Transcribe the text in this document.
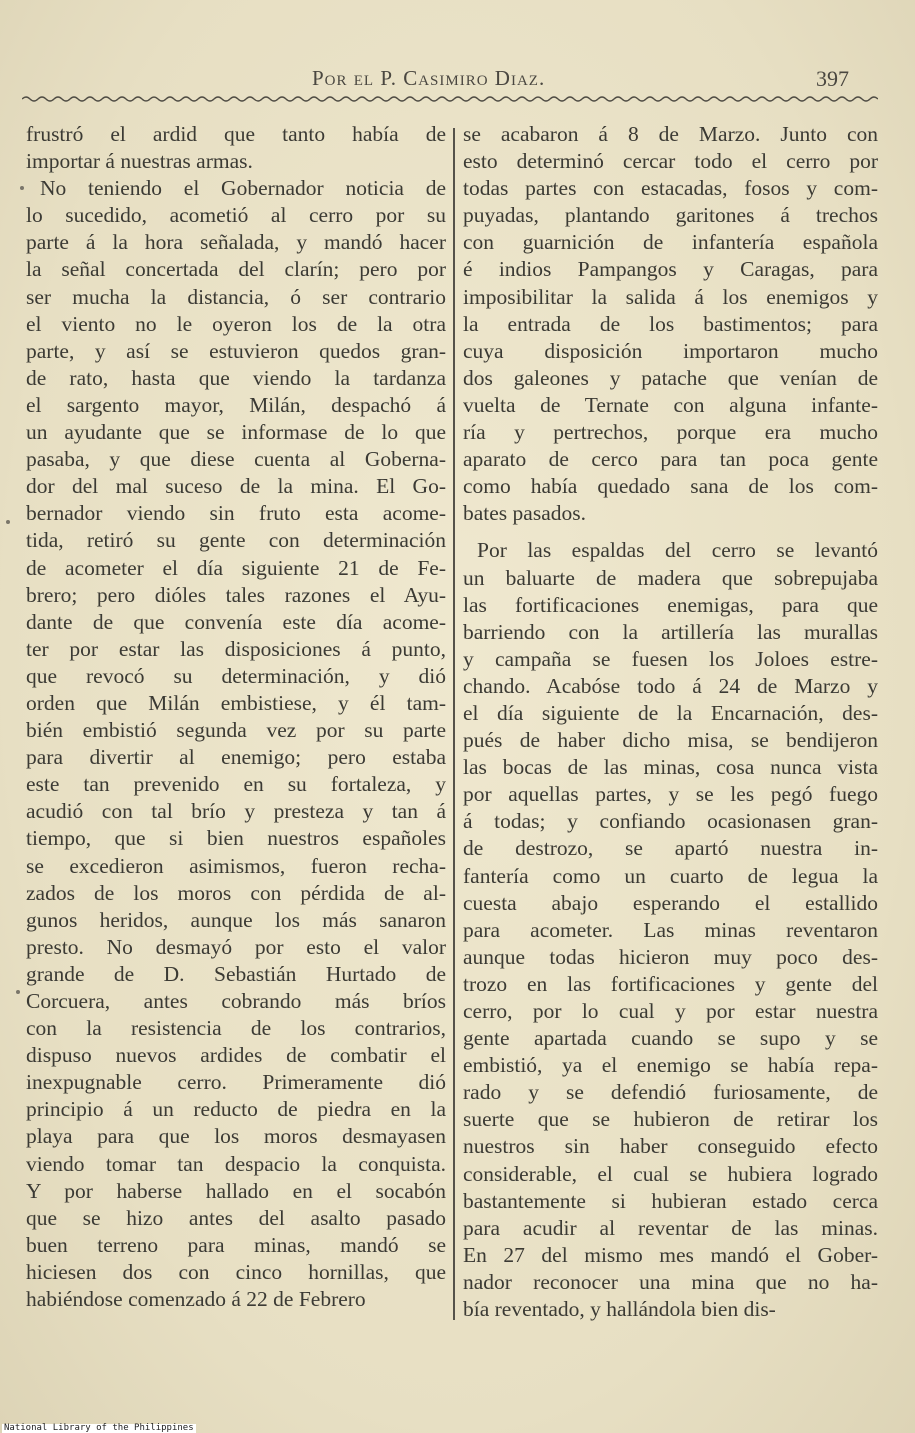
Por el P. Casimiro Diaz.	397
frustró el ardid que tanto había de
importar á nuestras armas.
No teniendo el Gobernador noticia de
lo sucedido, acometió al cerro por su
parte á la hora señalada, y mandó hacer
la señal concertada del clarín; pero por
ser mucha la distancia, ó ser contrario
el viento no le oyeron los de la otra
parte, y así se estuvieron quedos gran-
de rato, hasta que viendo la tardanza
el sargento mayor, Milán, despachó á
un ayudante que se informase de lo que
pasaba, y que diese cuenta al Goberna-
dor del mal suceso de la mina. El Go-
bernador viendo sin fruto esta acome-
tida, retiró su gente con determinación
de acometer el día siguiente 21 de Fe-
brero; pero dióles tales razones el Ayu-
dante de que convenía este día acome-
ter por estar las disposiciones á punto,
que revocó su determinación, y dió
orden que Milán embistiese, y él tam-
bién embistió segunda vez por su parte
para divertir al enemigo; pero estaba
este tan prevenido en su fortaleza, y
acudió con tal brío y presteza y tan á
tiempo, que si bien nuestros españoles
se excedieron asimismos, fueron recha-
zados de los moros con pérdida de al-
gunos heridos, aunque los más sanaron
presto. No desmayó por esto el valor
grande de D. Sebastián Hurtado de
Corcuera, antes cobrando más bríos
con la resistencia de los contrarios,
dispuso nuevos ardides de combatir el
inexpugnable cerro. Primeramente dió
principio á un reducto de piedra en la
playa para que los moros desmayasen
viendo tomar tan despacio la conquista.
Y por haberse hallado en el socabón
que se hizo antes del asalto pasado
buen terreno para minas, mandó se
hiciesen dos con cinco hornillas, que
habiéndose comenzado á 22 de Febrero
se acabaron á 8 de Marzo. Junto con
esto determinó cercar todo el cerro por
todas partes con estacadas, fosos y com-
puyadas, plantando garitones á trechos
con guarnición de infantería española
é indios Pampangos y Caragas, para
imposibilitar la salida á los enemigos y
la entrada de los bastimentos; para
cuya disposición importaron mucho
dos galeones y patache que venían de
vuelta de Ternate con alguna infante-
ría y pertrechos, porque era mucho
aparato de cerco para tan poca gente
como había quedado sana de los com-
bates pasados.
Por las espaldas del cerro se levantó
un baluarte de madera que sobrepujaba
las fortificaciones enemigas, para que
barriendo con la artillería las murallas
y campaña se fuesen los Joloes estre-
chando. Acabóse todo á 24 de Marzo y
el día siguiente de la Encarnación, des-
pués de haber dicho misa, se bendijeron
las bocas de las minas, cosa nunca vista
por aquellas partes, y se les pegó fuego
á todas; y confiando ocasionasen gran-
de destrozo, se apartó nuestra in-
fantería como un cuarto de legua la
cuesta abajo esperando el estallido
para acometer. Las minas reventaron
aunque todas hicieron muy poco des-
trozo en las fortificaciones y gente del
cerro, por lo cual y por estar nuestra
gente apartada cuando se supo y se
embistió, ya el enemigo se había repa-
rado y se defendió furiosamente, de
suerte que se hubieron de retirar los
nuestros sin haber conseguido efecto
considerable, el cual se hubiera logrado
bastantemente si hubieran estado cerca
para acudir al reventar de las minas.
En 27 del mismo mes mandó el Gober-
nador reconocer una mina que no ha-
bía reventado, y hallándola bien dis-
National Library of the Philippines
